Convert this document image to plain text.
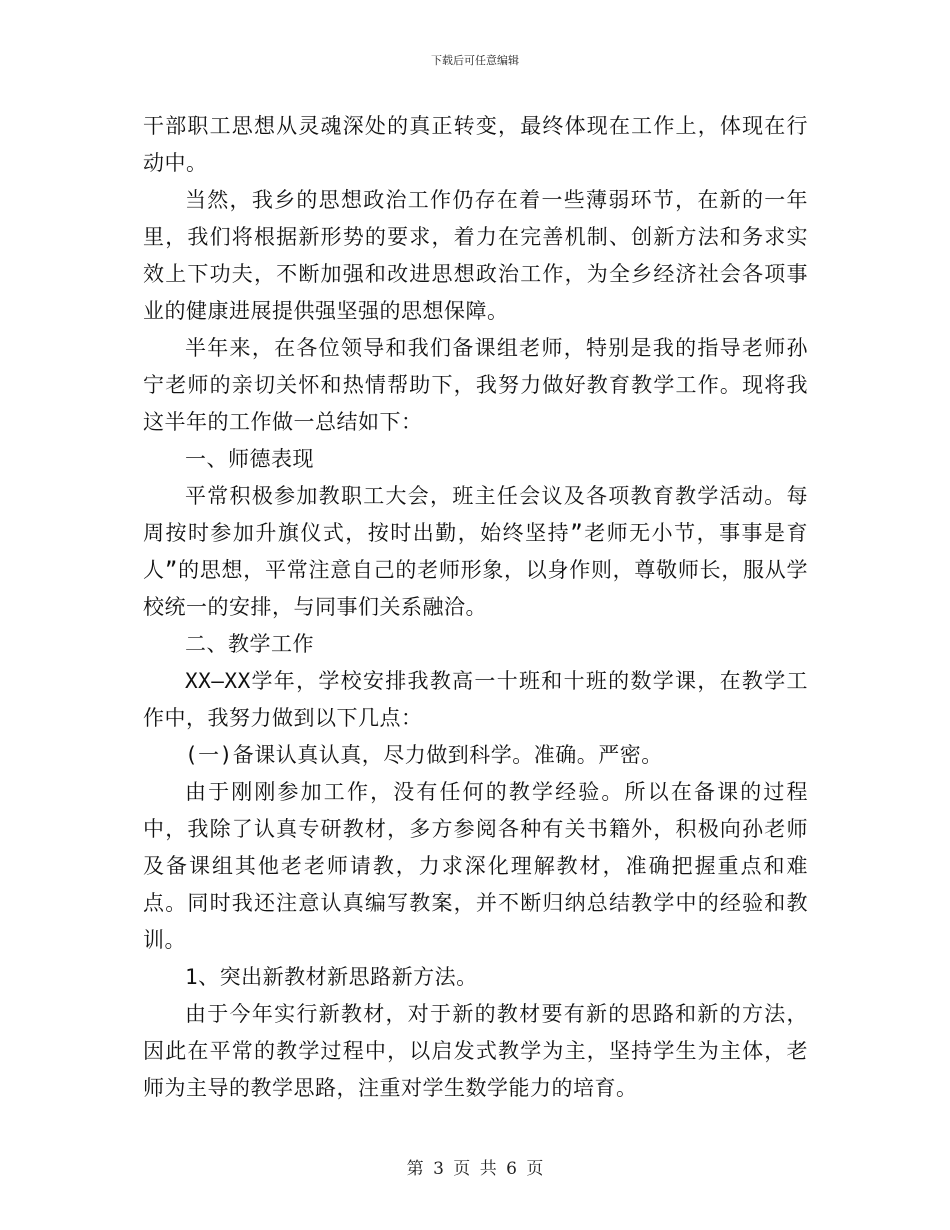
下载后可任意编辑

干部职工思想从灵魂深处的真正转变，最终体现在工作上，体现在行动中。

当然，我乡的思想政治工作仍存在着一些薄弱环节，在新的一年里，我们将根据新形势的要求，着力在完善机制、创新方法和务求实效上下功夫，不断加强和改进思想政治工作，为全乡经济社会各项事业的健康进展提供强坚强的思想保障。

半年来，在各位领导和我们备课组老师，特别是我的指导老师孙宁老师的亲切关怀和热情帮助下，我努力做好教育教学工作。现将我这半年的工作做一总结如下：

一、师德表现

平常积极参加教职工大会，班主任会议及各项教育教学活动。每周按时参加升旗仪式，按时出勤，始终坚持”老师无小节，事事是育人”的思想，平常注意自己的老师形象，以身作则，尊敬师长，服从学校统一的安排，与同事们关系融洽。

二、教学工作

XX—XX学年，学校安排我教高一十班和十班的数学课，在教学工作中，我努力做到以下几点：

(一)备课认真认真，尽力做到科学。准确。严密。

由于刚刚参加工作，没有任何的教学经验。所以在备课的过程中，我除了认真专研教材，多方参阅各种有关书籍外，积极向孙老师及备课组其他老老师请教，力求深化理解教材，准确把握重点和难点。同时我还注意认真编写教案，并不断归纳总结教学中的经验和教训。

1、突出新教材新思路新方法。

由于今年实行新教材，对于新的教材要有新的思路和新的方法，因此在平常的教学过程中，以启发式教学为主，坚持学生为主体，老师为主导的教学思路，注重对学生数学能力的培育。

第 3 页 共 6 页
